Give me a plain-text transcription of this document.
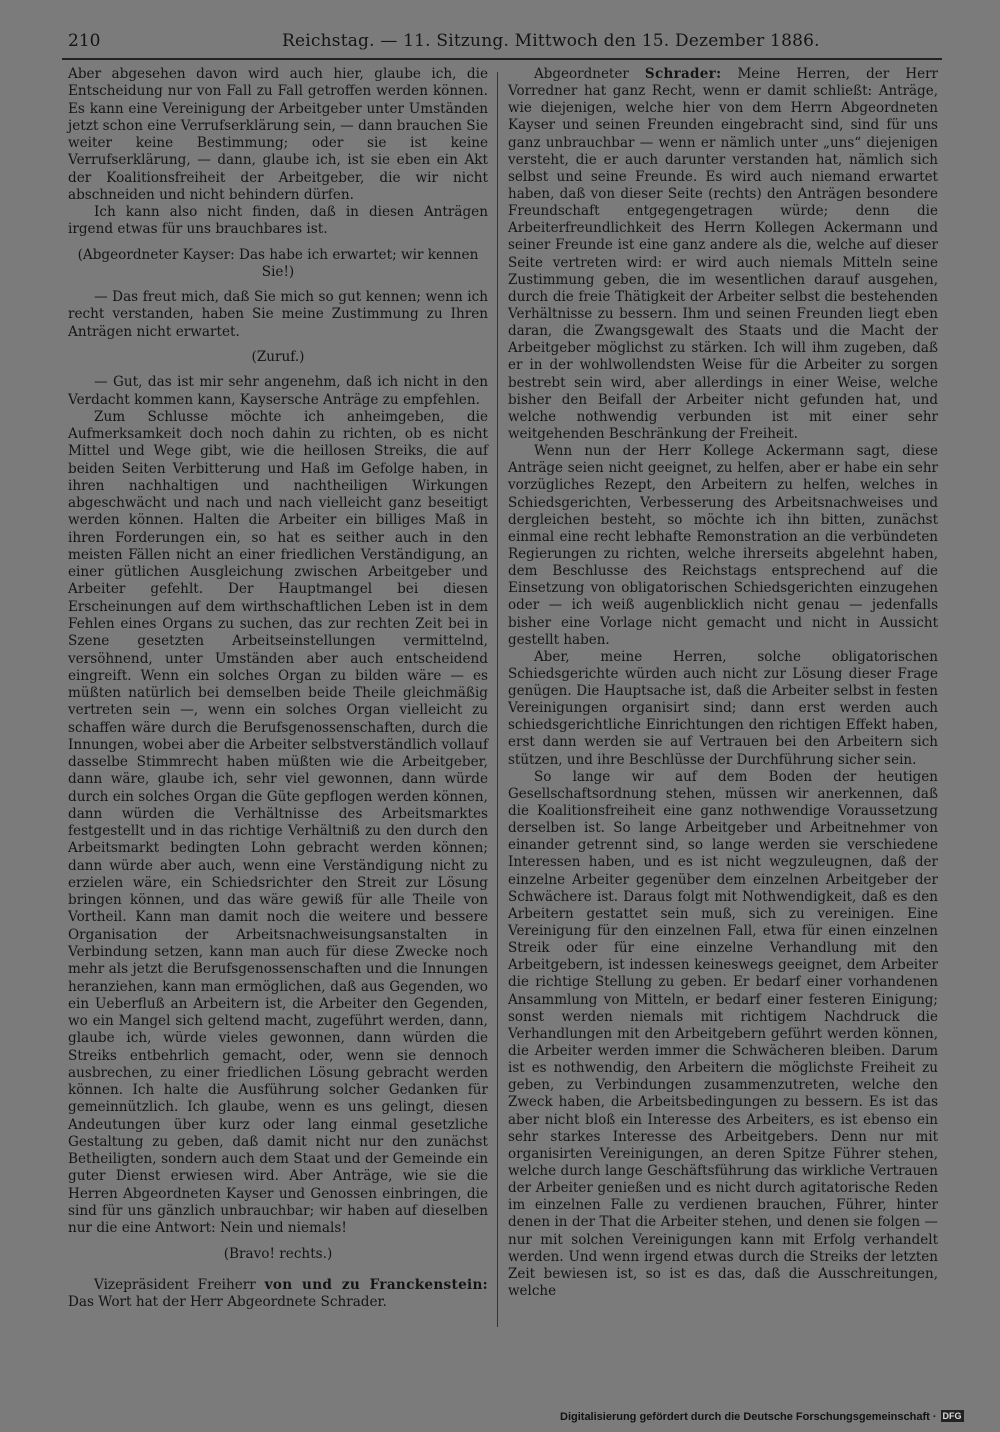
210	Reichstag. — 11. Sitzung. Mittwoch den 15. Dezember 1886.

Aber abgesehen davon wird auch hier, glaube ich, die Entscheidung nur von Fall zu Fall getroffen werden können. Es kann eine Vereinigung der Arbeitgeber unter Umständen jetzt schon eine Verrufserklärung sein, — dann brauchen Sie weiter keine Bestimmung; oder sie ist keine Verrufserklärung, — dann, glaube ich, ist sie eben ein Akt der Koalitionsfreiheit der Arbeitgeber, die wir nicht abschneiden und nicht behindern dürfen.

Ich kann also nicht finden, daß in diesen Anträgen irgend etwas für uns brauchbares ist.

(Abgeordneter Kayser: Das habe ich erwartet; wir kennen Sie!)

— Das freut mich, daß Sie mich so gut kennen; wenn ich recht verstanden, haben Sie meine Zustimmung zu Ihren Anträgen nicht erwartet.

(Zuruf.)

— Gut, das ist mir sehr angenehm, daß ich nicht in den Verdacht kommen kann, Kaysersche Anträge zu empfehlen.

Zum Schlusse möchte ich anheimgeben, die Aufmerksamkeit doch noch dahin zu richten, ob es nicht Mittel und Wege gibt, wie die heillosen Streiks, die auf beiden Seiten Verbitterung und Haß im Gefolge haben, in ihren nachhaltigen und nachtheiligen Wirkungen abgeschwächt und nach und nach vielleicht ganz beseitigt werden können. Halten die Arbeiter ein billiges Maß in ihren Forderungen ein, so hat es seither auch in den meisten Fällen nicht an einer friedlichen Verständigung, an einer gütlichen Ausgleichung zwischen Arbeitgeber und Arbeiter gefehlt. Der Hauptmangel bei diesen Erscheinungen auf dem wirthschaftlichen Leben ist in dem Fehlen eines Organs zu suchen, das zur rechten Zeit bei in Szene gesetzten Arbeitseinstellungen vermittelnd, versöhnend, unter Umständen aber auch entscheidend eingreift. Wenn ein solches Organ zu bilden wäre — es müßten natürlich bei demselben beide Theile gleichmäßig vertreten sein —, wenn ein solches Organ vielleicht zu schaffen wäre durch die Berufsgenossenschaften, durch die Innungen, wobei aber die Arbeiter selbstverständlich vollauf dasselbe Stimmrecht haben müßten wie die Arbeitgeber, dann wäre, glaube ich, sehr viel gewonnen, dann würde durch ein solches Organ die Güte gepflogen werden können, dann würden die Verhältnisse des Arbeitsmarktes festgestellt und in das richtige Verhältniß zu den durch den Arbeitsmarkt bedingten Lohn gebracht werden können; dann würde aber auch, wenn eine Verständigung nicht zu erzielen wäre, ein Schiedsrichter den Streit zur Lösung bringen können, und das wäre gewiß für alle Theile von Vortheil. Kann man damit noch die weitere und bessere Organisation der Arbeitsnachweisungsanstalten in Verbindung setzen, kann man auch für diese Zwecke noch mehr als jetzt die Berufsgenossenschaften und die Innungen heranziehen, kann man ermöglichen, daß aus Gegenden, wo ein Ueberfluß an Arbeitern ist, die Arbeiter den Gegenden, wo ein Mangel sich geltend macht, zugeführt werden, dann, glaube ich, würde vieles gewonnen, dann würden die Streiks entbehrlich gemacht, oder, wenn sie dennoch ausbrechen, zu einer friedlichen Lösung gebracht werden können. Ich halte die Ausführung solcher Gedanken für gemeinnützlich. Ich glaube, wenn es uns gelingt, diesen Andeutungen über kurz oder lang einmal gesetzliche Gestaltung zu geben, daß damit nicht nur den zunächst Betheiligten, sondern auch dem Staat und der Gemeinde ein guter Dienst erwiesen wird. Aber Anträge, wie sie die Herren Abgeordneten Kayser und Genossen einbringen, die sind für uns gänzlich unbrauchbar; wir haben auf dieselben nur die eine Antwort: Nein und niemals!

(Bravo! rechts.)

Vizepräsident Freiherr von und zu Franckenstein: Das Wort hat der Herr Abgeordnete Schrader.

Abgeordneter Schrader: Meine Herren, der Herr Vorredner hat ganz Recht, wenn er damit schließt: Anträge, wie diejenigen, welche hier von dem Herrn Abgeordneten Kayser und seinen Freunden eingebracht sind, sind für uns ganz unbrauchbar — wenn er nämlich unter „uns“ diejenigen versteht, die er auch darunter verstanden hat, nämlich sich selbst und seine Freunde. Es wird auch niemand erwartet haben, daß von dieser Seite (rechts) den Anträgen besondere Freundschaft entgegengetragen würde; denn die Arbeiterfreundlichkeit des Herrn Kollegen Ackermann und seiner Freunde ist eine ganz andere als die, welche auf dieser Seite vertreten wird: er wird auch niemals Mitteln seine Zustimmung geben, die im wesentlichen darauf ausgehen, durch die freie Thätigkeit der Arbeiter selbst die bestehenden Verhältnisse zu bessern. Ihm und seinen Freunden liegt eben daran, die Zwangsgewalt des Staats und die Macht der Arbeitgeber möglichst zu stärken. Ich will ihm zugeben, daß er in der wohlwollendsten Weise für die Arbeiter zu sorgen bestrebt sein wird, aber allerdings in einer Weise, welche bisher den Beifall der Arbeiter nicht gefunden hat, und welche nothwendig verbunden ist mit einer sehr weitgehenden Beschränkung der Freiheit.

Wenn nun der Herr Kollege Ackermann sagt, diese Anträge seien nicht geeignet, zu helfen, aber er habe ein sehr vorzügliches Rezept, den Arbeitern zu helfen, welches in Schiedsgerichten, Verbesserung des Arbeitsnachweises und dergleichen besteht, so möchte ich ihn bitten, zunächst einmal eine recht lebhafte Remonstration an die verbündeten Regierungen zu richten, welche ihrerseits abgelehnt haben, dem Beschlusse des Reichstags entsprechend auf die Einsetzung von obligatorischen Schiedsgerichten einzugehen oder — ich weiß augenblicklich nicht genau — jedenfalls bisher eine Vorlage nicht gemacht und nicht in Aussicht gestellt haben.

Aber, meine Herren, solche obligatorischen Schiedsgerichte würden auch nicht zur Lösung dieser Frage genügen. Die Hauptsache ist, daß die Arbeiter selbst in festen Vereinigungen organisirt sind; dann erst werden auch schiedsgerichtliche Einrichtungen den richtigen Effekt haben, erst dann werden sie auf Vertrauen bei den Arbeitern sich stützen, und ihre Beschlüsse der Durchführung sicher sein.

So lange wir auf dem Boden der heutigen Gesellschaftsordnung stehen, müssen wir anerkennen, daß die Koalitionsfreiheit eine ganz nothwendige Voraussetzung derselben ist. So lange Arbeitgeber und Arbeitnehmer von einander getrennt sind, so lange werden sie verschiedene Interessen haben, und es ist nicht wegzuleugnen, daß der einzelne Arbeiter gegenüber dem einzelnen Arbeitgeber der Schwächere ist. Daraus folgt mit Nothwendigkeit, daß es den Arbeitern gestattet sein muß, sich zu vereinigen. Eine Vereinigung für den einzelnen Fall, etwa für einen einzelnen Streik oder für eine einzelne Verhandlung mit den Arbeitgebern, ist indessen keineswegs geeignet, dem Arbeiter die richtige Stellung zu geben. Er bedarf einer vorhandenen Ansammlung von Mitteln, er bedarf einer festeren Einigung; sonst werden niemals mit richtigem Nachdruck die Verhandlungen mit den Arbeitgebern geführt werden können, die Arbeiter werden immer die Schwächeren bleiben. Darum ist es nothwendig, den Arbeitern die möglichste Freiheit zu geben, zu Verbindungen zusammenzutreten, welche den Zweck haben, die Arbeitsbedingungen zu bessern. Es ist das aber nicht bloß ein Interesse des Arbeiters, es ist ebenso ein sehr starkes Interesse des Arbeitgebers. Denn nur mit organisirten Vereinigungen, an deren Spitze Führer stehen, welche durch lange Geschäftsführung das wirkliche Vertrauen der Arbeiter genießen und es nicht durch agitatorische Reden im einzelnen Falle zu verdienen brauchen, Führer, hinter denen in der That die Arbeiter stehen, und denen sie folgen — nur mit solchen Vereinigungen kann mit Erfolg verhandelt werden. Und wenn irgend etwas durch die Streiks der letzten Zeit bewiesen ist, so ist es das, daß die Ausschreitungen, welche

Digitalisierung gefördert durch die Deutsche Forschungsgemeinschaft · DFG
